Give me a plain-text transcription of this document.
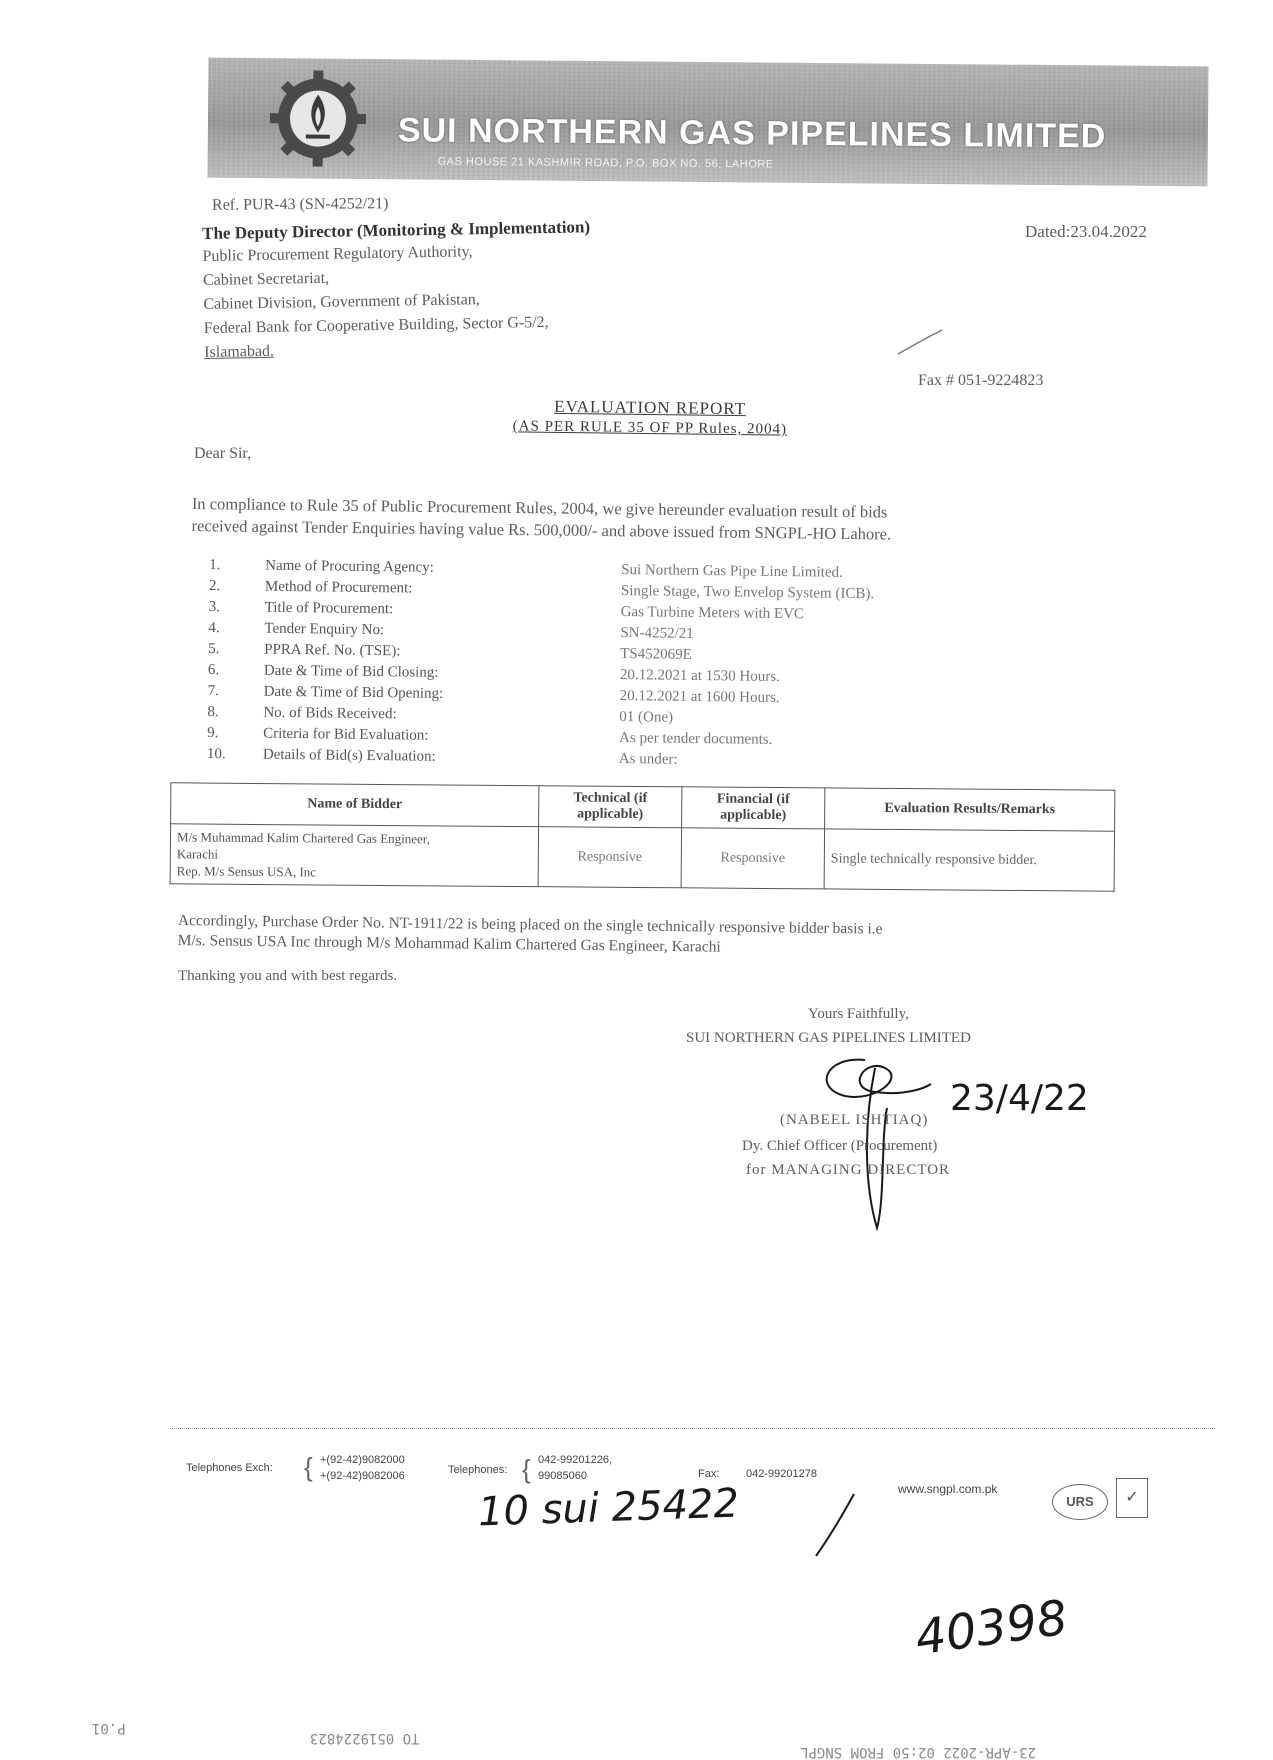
SUI NORTHERN GAS PIPELINES LIMITED
GAS HOUSE 21 KASHMIR ROAD, P.O. BOX NO. 56, LAHORE
Ref. PUR-43 (SN-4252/21)
Dated:23.04.2022
The Deputy Director (Monitoring & Implementation)
Public Procurement Regulatory Authority,
Cabinet Secretariat,
Cabinet Division, Government of Pakistan,
Federal Bank for Cooperative Building, Sector G-5/2,
Islamabad.
Fax # 051-9224823
EVALUATION REPORT
(AS PER RULE 35 OF PP Rules, 2004)
Dear Sir,
In compliance to Rule 35 of Public Procurement Rules, 2004, we give hereunder evaluation result of bids
received against Tender Enquiries having value Rs. 500,000/- and above issued from SNGPL-HO Lahore.
1.	Name of Procuring Agency:	Sui Northern Gas Pipe Line Limited.
2.	Method of Procurement:	Single Stage, Two Envelop System (ICB).
3.	Title of Procurement:	Gas Turbine Meters with EVC
4.	Tender Enquiry No:	SN-4252/21
5.	PPRA Ref. No. (TSE):	TS452069E
6.	Date & Time of Bid Closing:	20.12.2021 at 1530 Hours.
7.	Date & Time of Bid Opening:	20.12.2021 at 1600 Hours.
8.	No. of Bids Received:	01 (One)
9.	Criteria for Bid Evaluation:	As per tender documents.
10.	Details of Bid(s) Evaluation:	As under:
Name of Bidder	Technical (if applicable)	Financial (if applicable)	Evaluation Results/Remarks

M/s Muhammad Kalim Chartered Gas Engineer,
Karachi
Rep. M/s Sensus USA, Inc	Responsive	Responsive	Single technically responsive bidder.
Accordingly, Purchase Order No. NT-1911/22 is being placed on the single technically responsive bidder basis i.e
M/s. Sensus USA Inc through M/s Mohammad Kalim Chartered Gas Engineer, Karachi
Thanking you and with best regards.
Yours Faithfully,
SUI NORTHERN GAS PIPELINES LIMITED
23/4/22
(NABEEL ISHTIAQ)
Dy. Chief Officer (Procurement)
for MANAGING DIRECTOR
Telephones Exch: { +(92-42)9082000
+(92-42)9082006	Telephones: { 042-99201226,
99085060	Fax: 042-99201278
www.sngpl.com.pk
URS	✓
10 sui 25422
40398
P.01
TO 0519224823
23-APR-2022 02:50 FROM SNGPL
